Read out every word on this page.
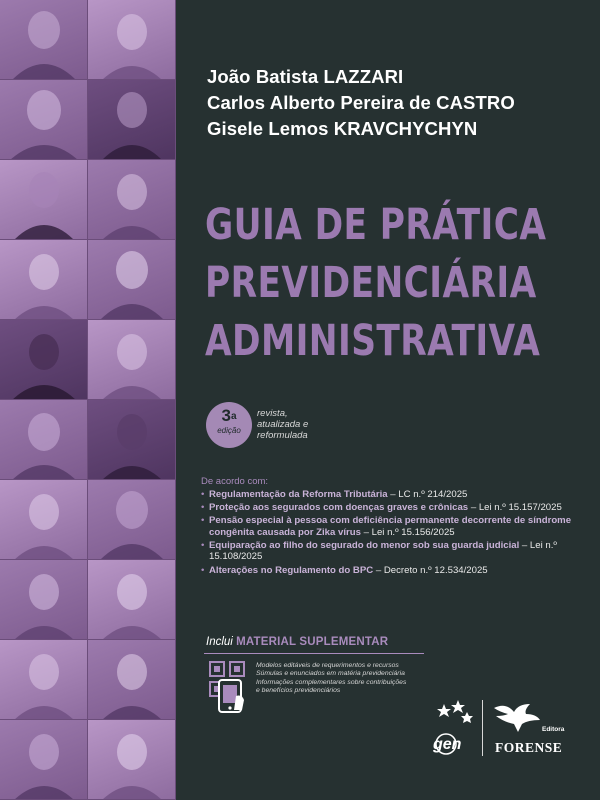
João Batista LAZZARI
Carlos Alberto Pereira de CASTRO
Gisele Lemos KRAVCHYCHYN
GUIA DE PRÁTICA
PREVIDENCIÁRIA
ADMINISTRATIVA
3$^a$
edição
revista,
atualizada e
reformulada
De acordo com:
• Regulamentação da Reforma Tributária – LC n.º 214/2025
• Proteção aos segurados com doenças graves e crônicas – Lei n.º 15.157/2025
• Pensão especial à pessoa com deficiência permanente decorrente de síndrome congênita causada por Zika vírus – Lei n.º 15.156/2025
• Equiparação ao filho do segurado do menor sob sua guarda judicial – Lei n.º 15.108/2025
• Alterações no Regulamento do BPC – Decreto n.º 12.534/2025
Inclui MATERIAL SUPLEMENTAR
Modelos editáveis de requerimentos e recursos
Súmulas e enunciados em matéria previdenciária
Informações complementares sobre contribuições
e benefícios previdenciários
gen
Editora
FORENSE
